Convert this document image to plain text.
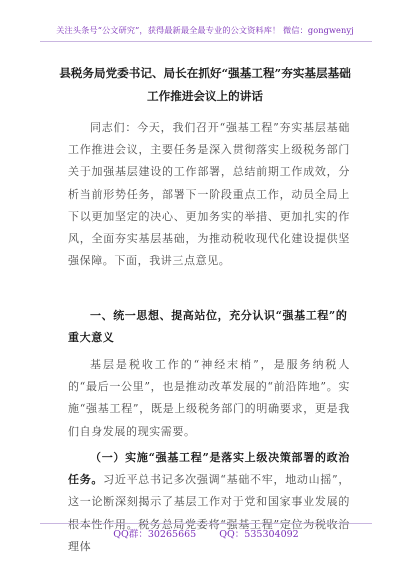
关注头条号“公文研究”，获得最新最全最专业的公文资料库！ 微信：gongwenyj
县税务局党委书记、局长在抓好“强基工程”夯实基层基础工作推进会议上的讲话
同志们：今天，我们召开“强基工程”夯实基层基础工作推进会议，主要任务是深入贯彻落实上级税务部门关于加强基层建设的工作部署，总结前期工作成效，分析当前形势任务，部署下一阶段重点工作，动员全局上下以更加坚定的决心、更加务实的举措、更加扎实的作风，全面夯实基层基础，为推动税收现代化建设提供坚强保障。下面，我讲三点意见。
一、统一思想、提高站位，充分认识“强基工程”的重大意义
基层是税收工作的“神经末梢”，是服务纳税人的“最后一公里”，也是推动改革发展的“前沿阵地”。实施“强基工程”，既是上级税务部门的明确要求，更是我们自身发展的现实需要。
（一）实施“强基工程”是落实上级决策部署的政治任务。习近平总书记多次强调“基础不牢，地动山摇”，这一论断深刻揭示了基层工作对于党和国家事业发展的根本性作用。税务总局党委将“强基工程”定位为税收治理体
QQ群：30265665 QQ：535304092
